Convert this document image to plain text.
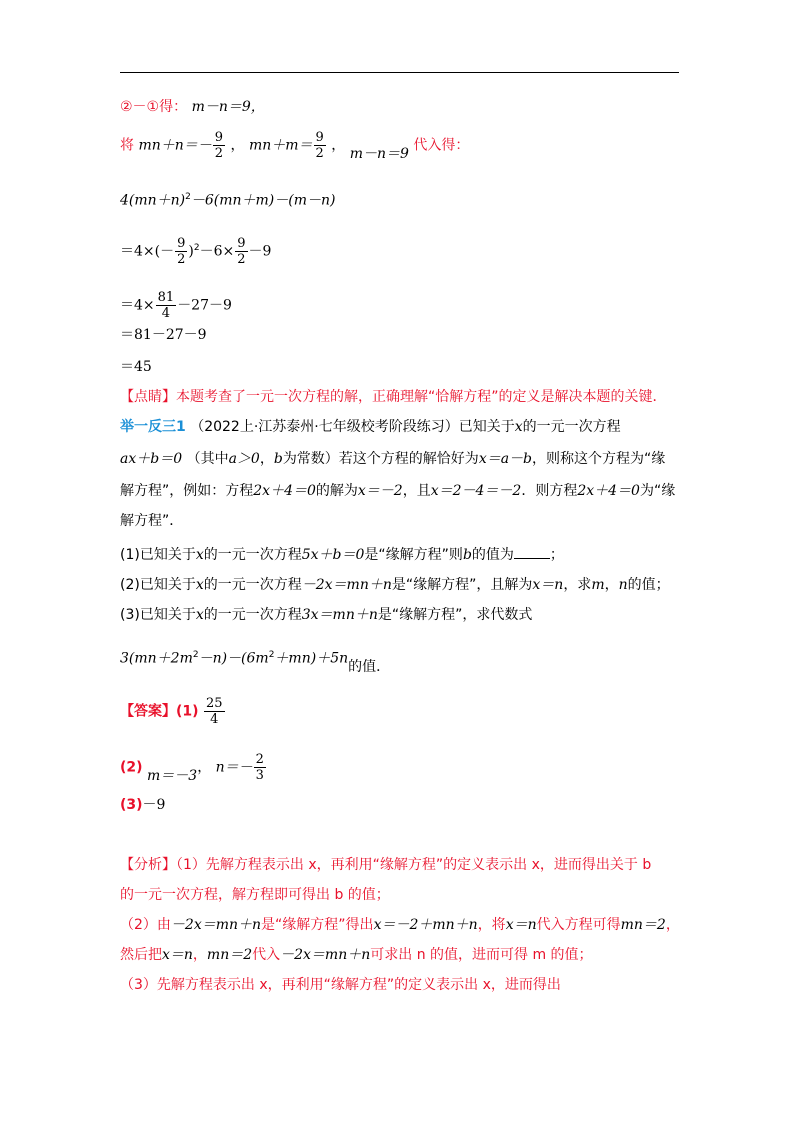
②－①得： m－n＝9，
将 $mn+n=- \frac{9}{2}$ ， $mn+m= \frac{9}{2}$ ， m－n＝9 代入得：
$4(mn+n)^2-6(mn+m)-(m-n)$
$=4\times(- \frac{9}{2} )^2-6\times \frac{9}{2} -9$
$=4\times \frac{81}{4} -27-9$
＝81－27－9
＝45
【点睛】本题考查了一元一次方程的解，正确理解“恰解方程”的定义是解决本题的关键．
举一反三1 （2022上·江苏泰州·七年级校考阶段练习）已知关于x的一元一次方程
ax＋b＝0 （其中a＞0，b为常数）若这个方程的解恰好为x＝a－b，则称这个方程为“缘
解方程”，例如：方程2x＋4＝0的解为x＝－2，且x＝2－4＝－2．则方程2x＋4＝0为“缘
解方程”．
(1)已知关于x的一元一次方程5x＋b＝0是“缘解方程”则b的值为	；
(2)已知关于x的一元一次方程－2x＝mn＋n是“缘解方程”，且解为x＝n，求m，n的值；
(3)已知关于x的一元一次方程3x＝mn＋n是“缘解方程”，求代数式
$3(mn+2m^2-n)-(6m^2+mn)+5n$的值．
【答案】$(1) \frac{25}{4}$
(2) m＝－3， $n=- \frac{2}{3}$
(3)－9
【分析】（1）先解方程表示出 x，再利用“缘解方程”的定义表示出 x，进而得出关于 b
的一元一次方程，解方程即可得出 b 的值；
（2）由－2x＝mn＋n是“缘解方程”得出x＝－2＋mn＋n，将x＝n代入方程可得mn＝2，
然后把x＝n，mn＝2代入－2x＝mn＋n可求出 n 的值，进而可得 m 的值；
（3）先解方程表示出 x，再利用“缘解方程”的定义表示出 x，进而得出
